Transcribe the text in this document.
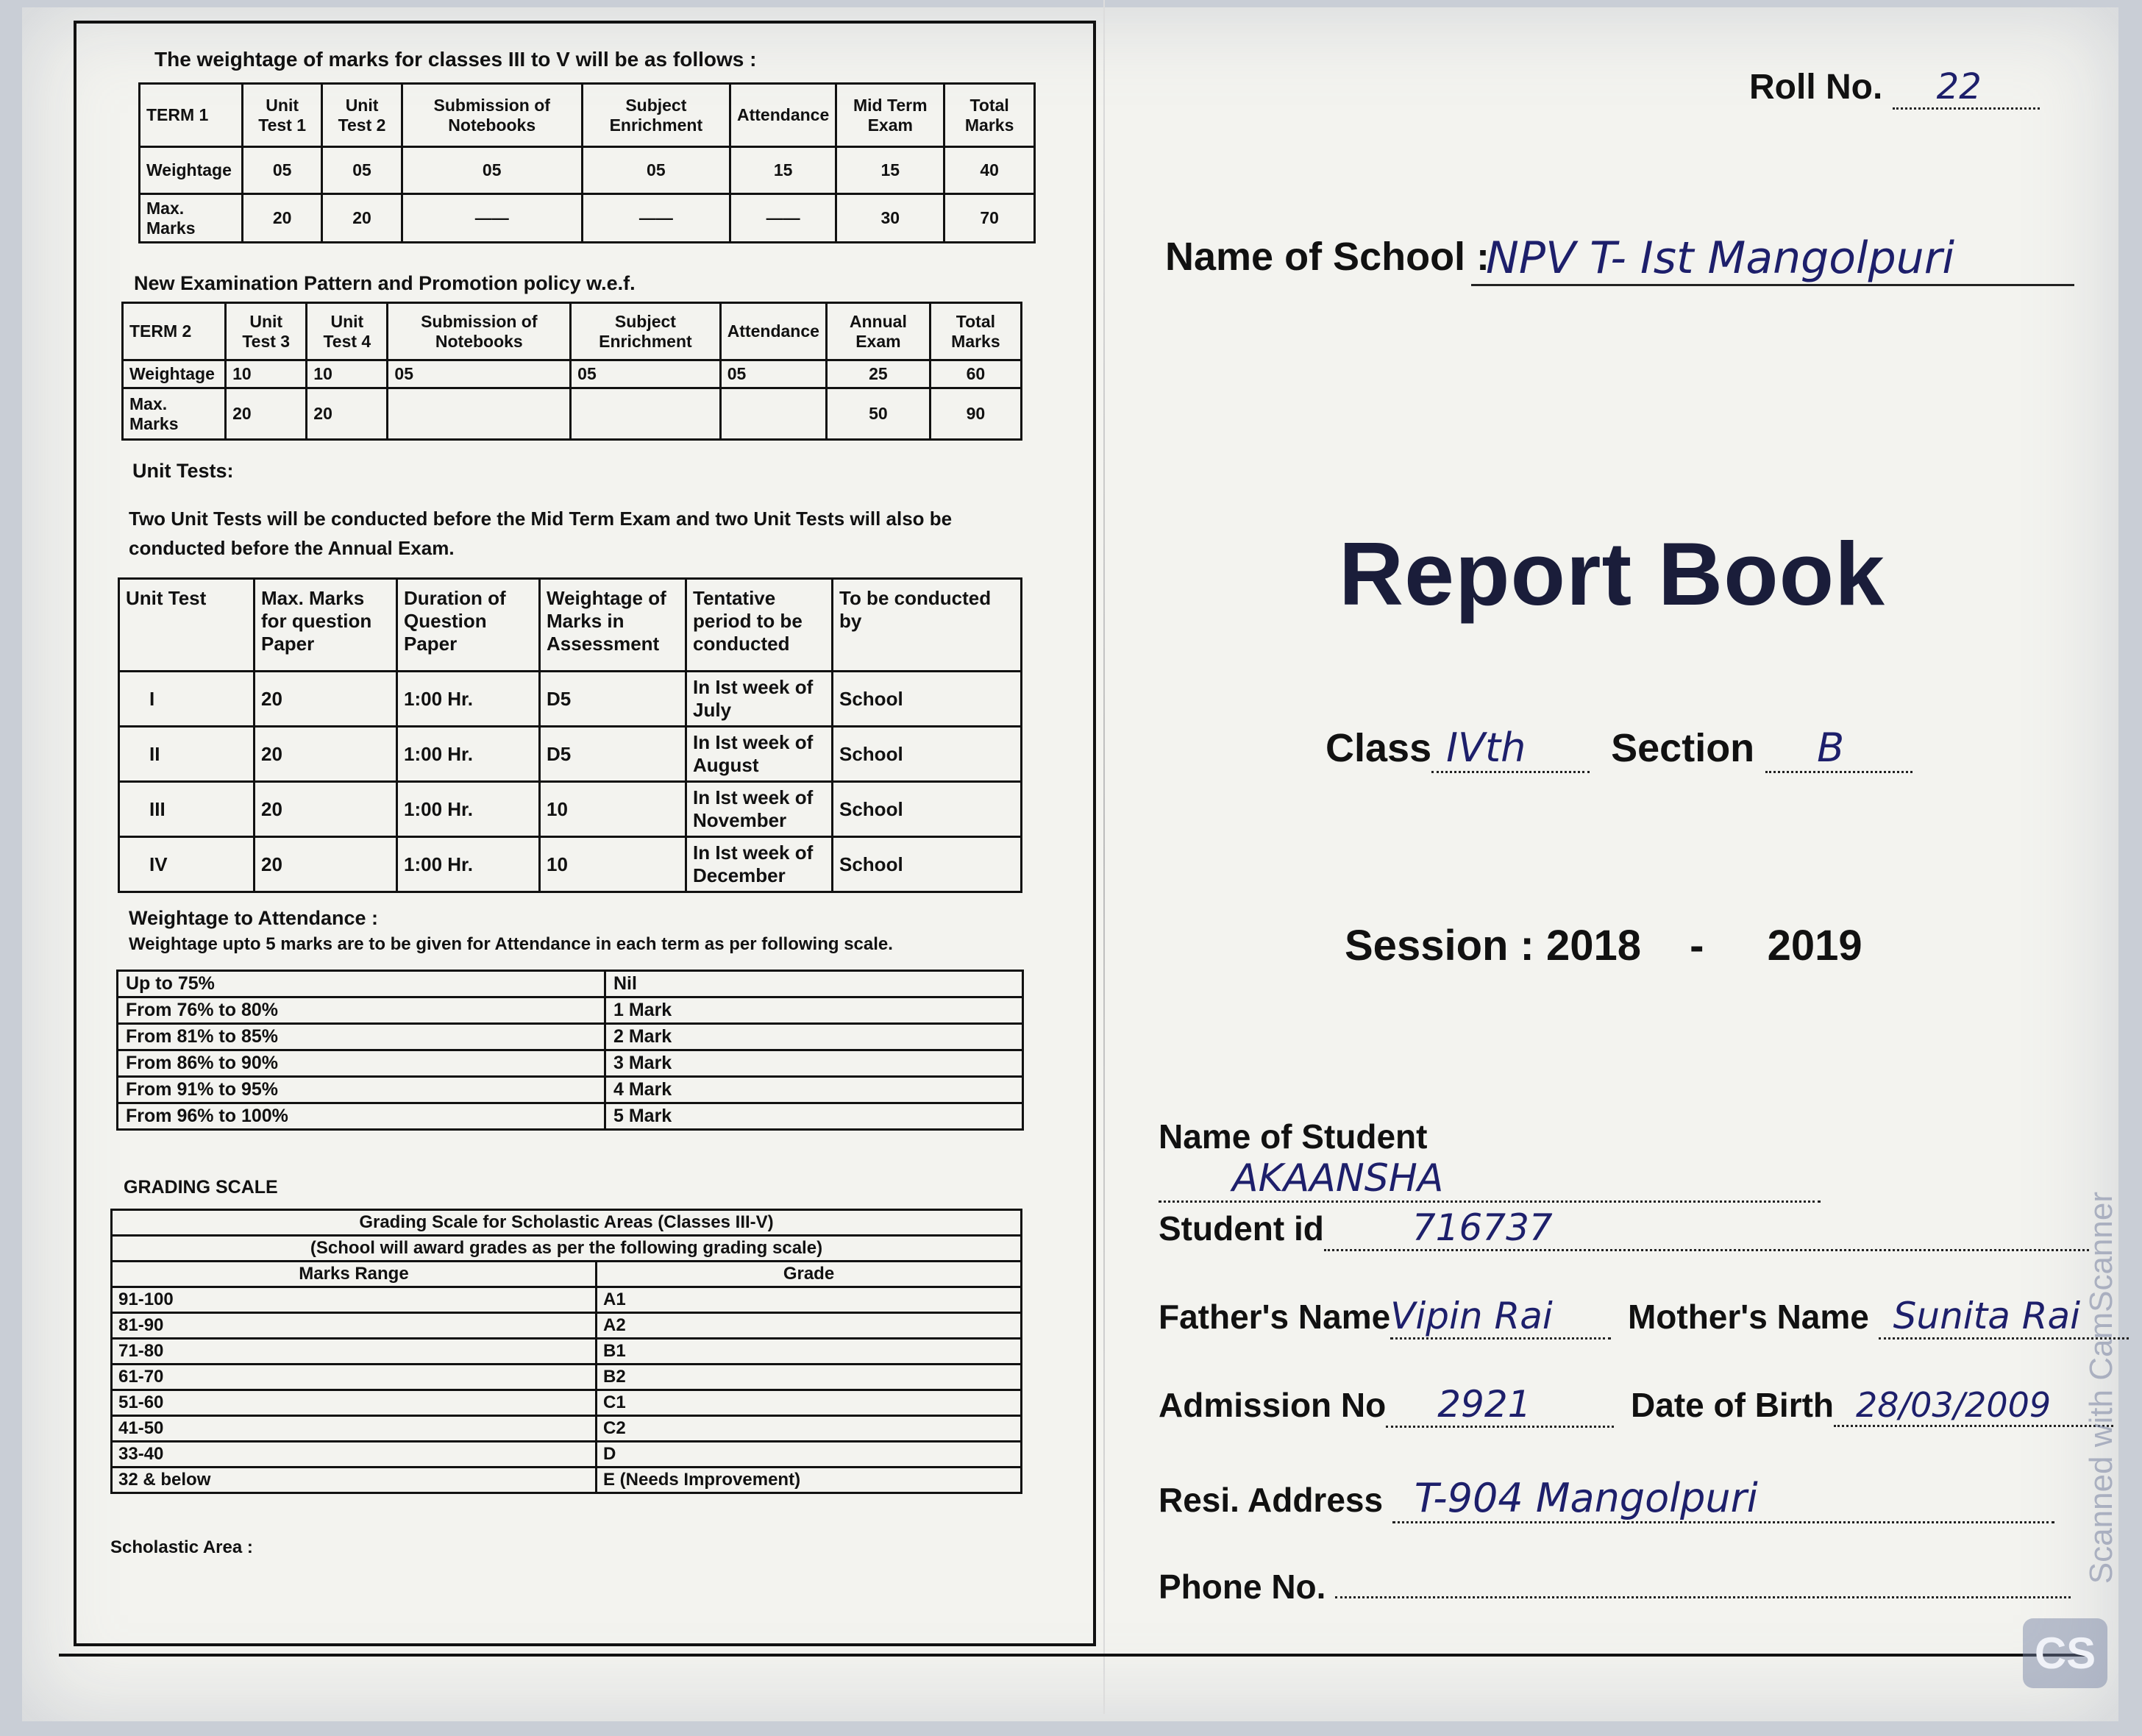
The weightage of marks for classes III to V will be as follows :
TERM 1	Unit Test 1	Unit Test 2	Submission of Notebooks	Subject Enrichment	Attendance	Mid Term Exam	Total Marks
Weightage	05	05	05	05	15	15	40
Max. Marks	20	20	——	——	——	30	70
New Examination Pattern and Promotion policy w.e.f.
TERM 2	Unit Test 3	Unit Test 4	Submission of Notebooks	Subject Enrichment	Attendance	Annual Exam	Total Marks
Weightage	10	10	05	05	05	25	60
Max. Marks	20	20				50	90
Unit Tests:
Two Unit Tests will be conducted before the Mid Term Exam and two Unit Tests will also be conducted before the Annual Exam.
Unit Test	Max. Marks for question Paper	Duration of Question Paper	Weightage of Marks in Assessment	Tentative period to be conducted	To be conducted by
I	20	1:00 Hr.	D5	In Ist week of July	School
II	20	1:00 Hr.	D5	In Ist week of August	School
III	20	1:00 Hr.	10	In Ist week of November	School
IV	20	1:00 Hr.	10	In Ist week of December	School
Weightage to Attendance :
Weightage upto 5 marks are to be given for Attendance in each term as per following scale.
Up to 75%	Nil
From 76% to 80%	1 Mark
From 81% to 85%	2 Mark
From 86% to 90%	3 Mark
From 91% to 95%	4 Mark
From 96% to 100%	5 Mark
GRADING SCALE
Grading Scale for Scholastic Areas (Classes III-V)	
(School will award grades as per the following grading scale)	
Marks Range	Grade
91-100	A1
81-90	A2
71-80	B1
61-70	B2
51-60	C1
41-50	C2
33-40	D
32 & below	E (Needs Improvement)
Scholastic Area :
Roll No. 22
Name of School :
NPV T- Ist Mangolpuri
Report Book
Class IVth Section B
Session : 2018 - 2019
Name of Student AKAANSHA
Student id 716737
Father's NameVipin Rai Mother's Name Sunita Rai
Admission No 2921	Date of Birth 28/03/2009
Resi. Address T-904 Mangolpuri
Phone No.
Scanned with CamScanner
CS
